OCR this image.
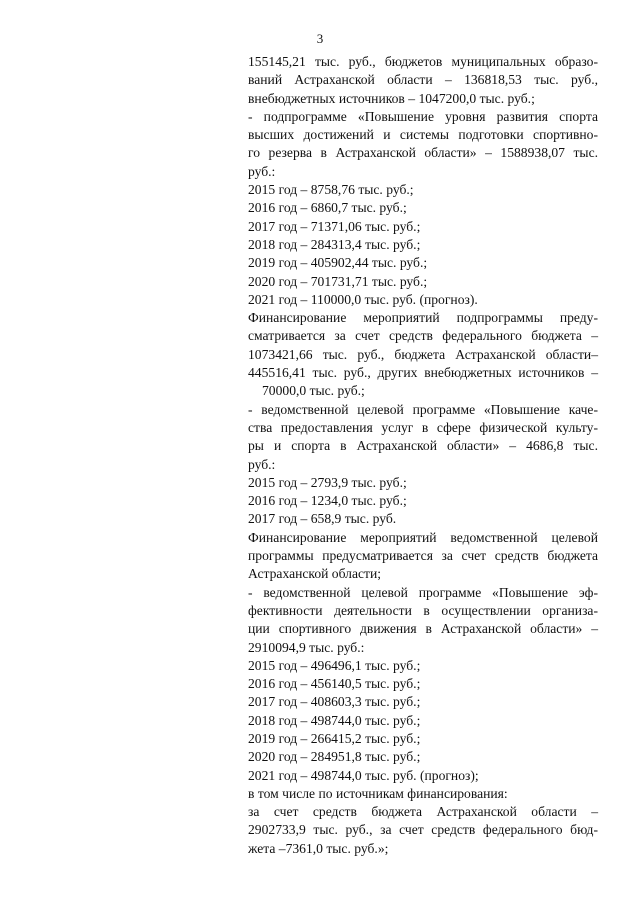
3
155145,21 тыс. руб., бюджетов муниципальных образо-
ваний Астраханской области – 136818,53 тыс. руб.,
внебюджетных источников – 1047200,0 тыс. руб.;
- подпрограмме «Повышение уровня развития спорта
высших достижений и системы подготовки спортивно-
го резерва в Астраханской области» – 1588938,07 тыс.
руб.:
2015 год – 8758,76 тыс. руб.;
2016 год – 6860,7 тыс. руб.;
2017 год – 71371,06 тыс. руб.;
2018 год – 284313,4 тыс. руб.;
2019 год – 405902,44 тыс. руб.;
2020 год – 701731,71 тыс. руб.;
2021 год – 110000,0 тыс. руб. (прогноз).
Финансирование мероприятий подпрограммы преду-
сматривается за счет средств федерального бюджета –
1073421,66 тыс. руб., бюджета Астраханской области–
445516,41 тыс. руб., других внебюджетных источников –
70000,0 тыс. руб.;
- ведомственной целевой программе «Повышение каче-
ства предоставления услуг в сфере физической культу-
ры и спорта в Астраханской области» – 4686,8 тыс.
руб.:
2015 год – 2793,9 тыс. руб.;
2016 год – 1234,0 тыс. руб.;
2017 год – 658,9 тыс. руб.
Финансирование мероприятий ведомственной целевой
программы предусматривается за счет средств бюджета
Астраханской области;
- ведомственной целевой программе «Повышение эф-
фективности деятельности в осуществлении организа-
ции спортивного движения в Астраханской области» –
2910094,9 тыс. руб.:
2015 год – 496496,1 тыс. руб.;
2016 год – 456140,5 тыс. руб.;
2017 год – 408603,3 тыс. руб.;
2018 год – 498744,0 тыс. руб.;
2019 год – 266415,2 тыс. руб.;
2020 год – 284951,8 тыс. руб.;
2021 год – 498744,0 тыс. руб. (прогноз);
в том числе по источникам финансирования:
за счет средств бюджета Астраханской области –
2902733,9 тыс. руб., за счет средств федерального бюд-
жета –7361,0 тыс. руб.»;
